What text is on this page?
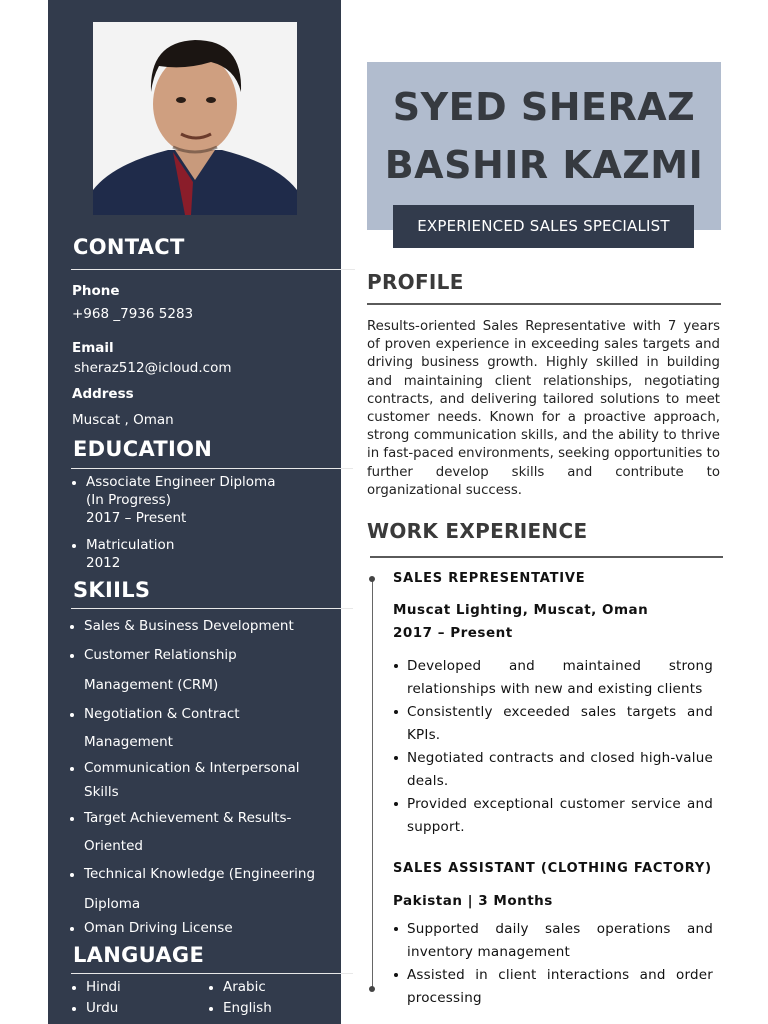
CONTACT
Phone
+968 _7936 5283
Email
sheraz512@icloud.com
Address
Muscat , Oman
EDUCATION
Associate Engineer Diploma
(In Progress)
2017 – Present
Matriculation
2012
SKIILS
Sales & Business Development
Customer Relationship
Management (CRM)
Negotiation & Contract
Management
Communication & Interpersonal
Skills
Target Achievement & Results-
Oriented
Technical Knowledge (Engineering
Diploma
Oman Driving License
LANGUAGE
Hindi	Arabic
Urdu	English
SYED SHERAZ
BASHIR KAZMI
EXPERIENCED SALES SPECIALIST
PROFILE

Results-oriented Sales Representative with 7 years of proven experience in exceeding sales targets and driving business growth. Highly skilled in building and maintaining client relationships, negotiating contracts, and delivering tailored solutions to meet customer needs. Known for a proactive approach, strong communication skills, and the ability to thrive in fast-paced environments, seeking opportunities to further develop skills and contribute to organizational success.

WORK EXPERIENCE
SALES REPRESENTATIVE
Muscat Lighting, Muscat, Oman
2017 – Present
Developed and maintained strong relationships with new and existing clients
Consistently exceeded sales targets and KPIs.
Negotiated contracts and closed high-value deals.
Provided exceptional customer service and support.
SALES ASSISTANT (CLOTHING FACTORY)
Pakistan | 3 Months
Supported daily sales operations and inventory management
Assisted in client interactions and order processing
